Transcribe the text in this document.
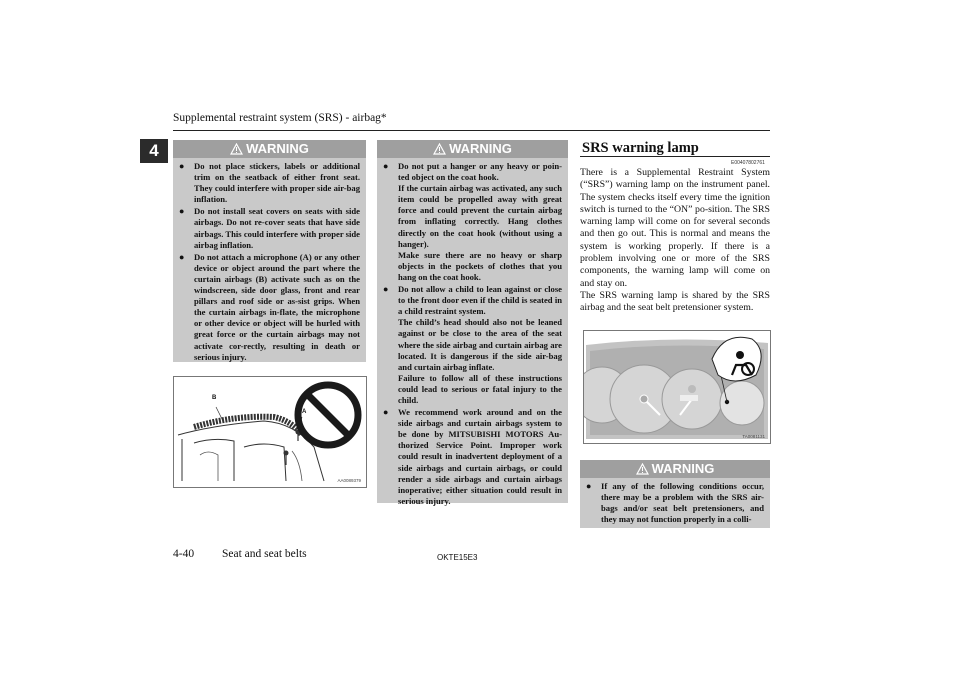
Supplemental restraint system (SRS) - airbag*
4	WARNING
● Do not place stickers, labels or additional trim on the seatback of either front seat. They could interfere with proper side air-bag inflation.

● Do not install seat covers on seats with side airbags. Do not re-cover seats that have side airbags. This could interfere with proper side airbag inflation.

● Do not attach a microphone (A) or any other device or object around the part where the curtain airbags (B) activate such as on the windscreen, side door glass, front and rear pillars and roof side or as-sist grips. When the curtain airbags in-flate, the microphone or other device or object will be hurled with great force or the curtain airbags may not activate cor-rectly, resulting in death or serious injury.

B
A
AA0089379
WARNING
● Do not put a hanger or any heavy or poin-ted object on the coat hook.

If the curtain airbag was activated, any such item could be propelled away with great force and could prevent the curtain airbag from inflating correctly. Hang clothes directly on the coat hook (without using a hanger).

Make sure there are no heavy or sharp objects in the pockets of clothes that you hang on the coat hook.

● Do not allow a child to lean against or close to the front door even if the child is seated in a child restraint system.

The child’s head should also not be leaned against or be close to the area of the seat where the side airbag and curtain airbag are located. It is dangerous if the side air-bag and curtain airbag inflate.

Failure to follow all of these instructions could lead to serious or fatal injury to the child.

● We recommend work around and on the side airbags and curtain airbags system to be done by MITSUBISHI MOTORS Au-thorized Service Point. Improper work could result in inadvertent deployment of a side airbags and curtain airbags, or could render a side airbags and curtain airbags inoperative; either situation could result in serious injury.

SRS warning lamp
E00407802761

There is a Supplemental Restraint System (“SRS”) warning lamp on the instrument panel. The system checks itself every time the ignition switch is turned to the “ON” po-sition. The SRS warning lamp will come on for several seconds and then go out. This is normal and means the system is working properly. If there is a problem involving one or more of the SRS components, the warning lamp will come on and stay on.

The SRS warning lamp is shared by the SRS airbag and the seat belt pretensioner system.

TA0081131
WARNING
● If any of the following conditions occur, there may be a problem with the SRS air-bags and/or seat belt pretensioners, and they may not function properly in a colli-

4-40 Seat and seat belts	OKTE15E3
